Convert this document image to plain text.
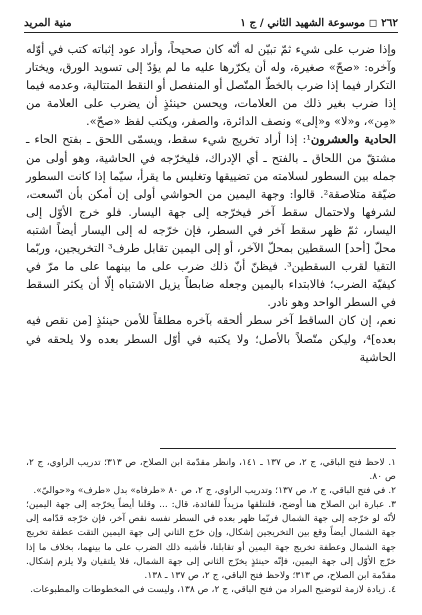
٢٦٢ ◻ موسوعة الشهيد الثاني / ج ١
منية المريد

وإذا ضرب على شيء ثمّ تبيّن له أنّه كان صحيحاً، وأراد عود إثباته كتب في أوّله وآخره: «صحّ» صغيرة، وله أن يكرّرها عليه ما لم يؤدّ إلى تسويد الورق، ويختار التكرار فيما إذا ضرب بالخطّ المتّصل أو المنفصل أو النقط المتتالية، وعدمه فيما إذا ضرب بغير ذلك من العلامات، ويحسن حينئذٍ أن يضرب على العلامة من «مِن»، و«لا» و«إلى» ونصف الدائرة، والصفر، ويكتب لفظ «صحّ».

الحادية والعشرون¹: إذا أراد تخريج شيء سقط، ويسمّى اللحق ـ بفتح الحاء ـ مشتقّ من اللحاق ـ بالفتح ـ أي الإدراك، فليخرّجه في الحاشية، وهو أولى من جمله بين السطور لسلامته من تضييقها وتغليس ما يقرأ، سيّما إذا كانت السطور ضيّقة متلاصقة². قالوا: وجهة اليمين من الحواشي أولى إن أمكن بأن اتّسعت، لشرفها ولاحتمال سقط آخر فيخرّجه إلى جهة اليسار. فلو خرج الأوّل إلى اليسار، ثمّ ظهر سقط آخر في السطر، فإن خرّجه له إلى اليسار أيضاً اشتبه محلّ [أحد] السقطين بمحلّ الآخر، أو إلى اليمين تقابل طرف³ التخريجين، وربّما التقيا لقرب السقطين³. فيظنّ أنّ ذلك ضرب على ما بينهما على ما مرّ في كيفيّة الضرب؛ فالابتداء باليمين وجعله ضابطاً يزيل الاشتباه إلّا أن يكثر السقط في السطر الواحد وهو نادر.

نعم، إن كان الساقط آخر سطر ألحقه بآخره مطلقاً للأمن حينئذٍ [من نقص فيه بعده]⁴، وليكن متّصلاً بالأصل؛ ولا يكتبه في أوّل السطر بعده ولا يلحقه في الحاشية

١. لاحظ فتح الباقي، ج ٢، ص ١٣٧ ـ ١٤١، وانظر مقدّمة ابن الصلاح، ص ٣١٣؛ تدريب الراوي، ج ٢، ص ٨٠.

٢. في فتح الباقي، ج ٢، ص ١٣٧؛ وتدريب الراوي، ج ٢، ص ٨٠ «طرفاه» بدل «طرف» و«حواليّ».

٣. عبارة ابن الصلاح هنا أوضح، فلنتلقها مزيداً للفائدة، قال: ... وقلنا أيضاً يخرّجه إلى جهة اليمين؛ لأنّه لو خرّجه إلى جهة الشمال فربّما ظهر بعده في السطر نفسه نقص آخر، فإن خرّجه قدّامه إلى جهة الشمال أيضاً وقع بين التخريجين إشكال، وإن خرّج الثاني إلى جهة اليمين التقت عطفة تخريج جهة الشمال وعطفة تخريج جهة اليمين أو تقابلتا، فأشبه ذلك الضرب على ما بينهما، بخلاف ما إذا خرّج الأوّل إلى جهة اليمين، فإنّه حينئذٍ يخرّج الثاني إلى جهة الشمال، فلا يلتقيان ولا يلزم إشكال. مقدّمة ابن الصلاح، ص ٣١٣؛ ولاحظ فتح الباقي، ج ٢، ص ١٣٧ ـ ١٣٨.

٤. زيادة لازمة لتوضيح المراد من فتح الباقي، ج ٢، ص ١٣٨، وليست في المخطوطات والمطبوعات.
